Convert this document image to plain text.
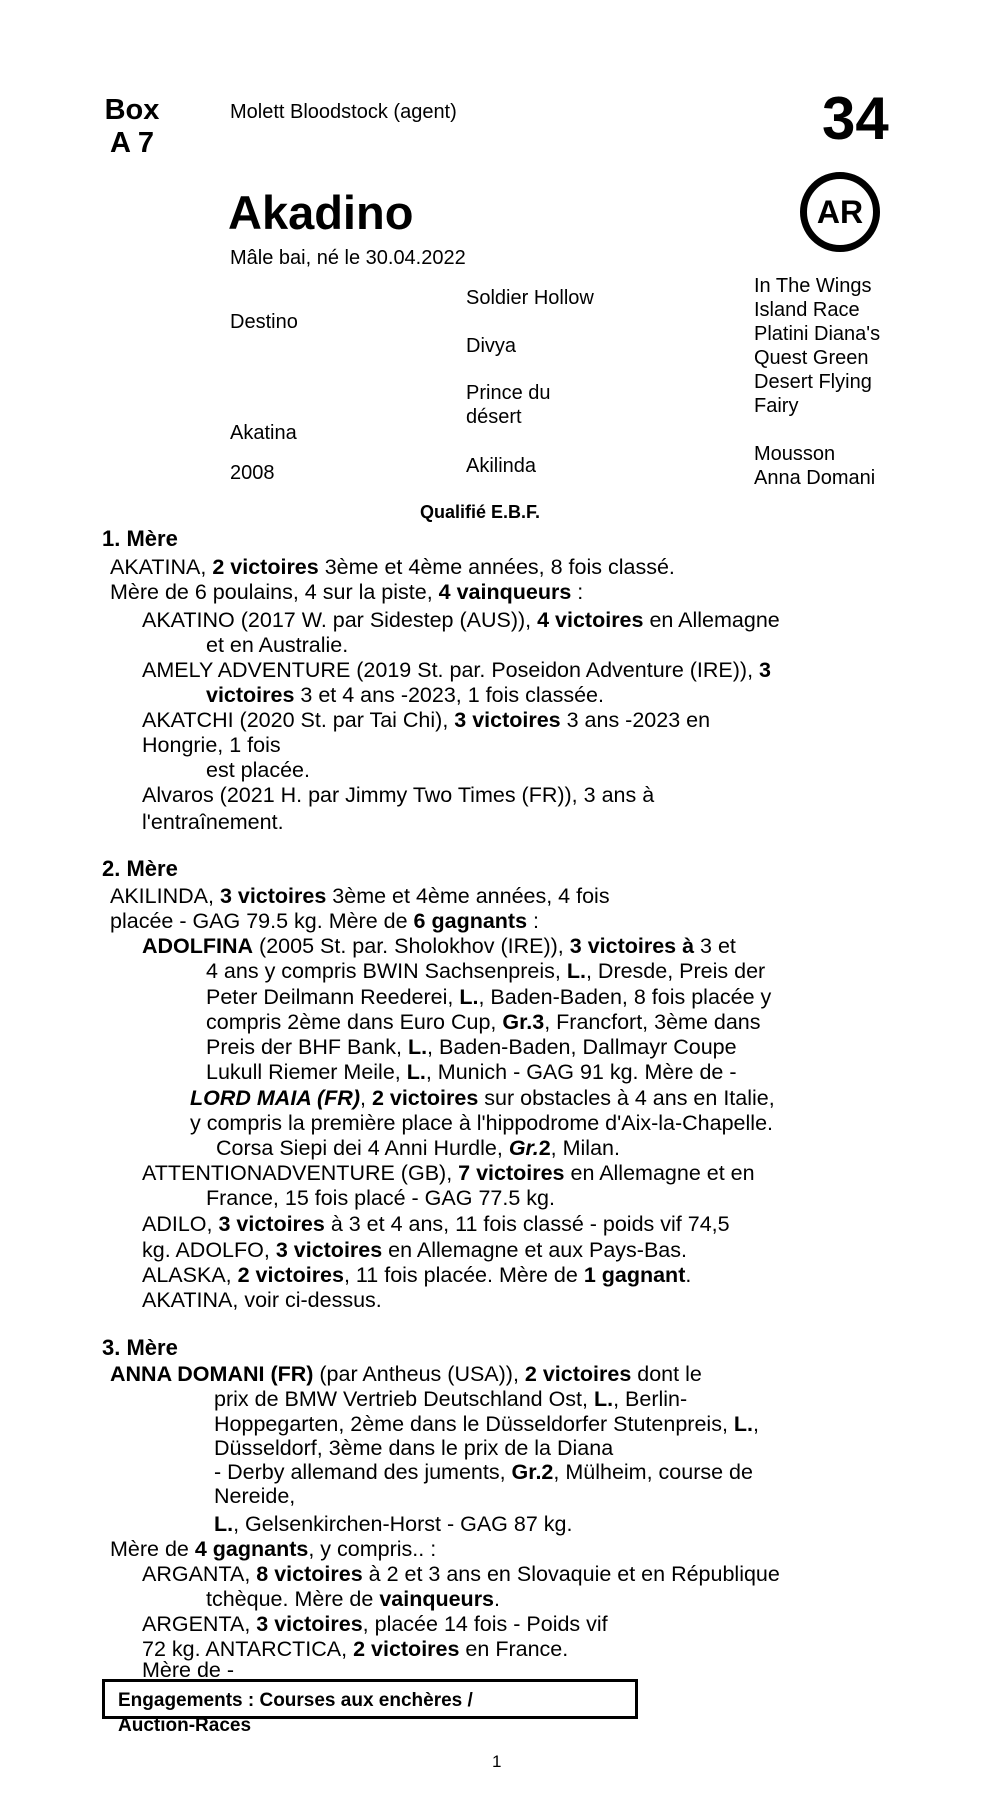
Box
A 7
Molett Bloodstock (agent)	34
AR
Akadino
Mâle bai, né le 30.04.2022
Destino
Akatina
2008
Soldier Hollow
Divya
Prince du
désert
Akilinda
In The Wings
Island Race
Platini Diana's
Quest Green
Desert Flying
Fairy
Mousson
Anna Domani
Qualifié E.B.F.
1. Mère
AKATINA, 2 victoires 3ème et 4ème années, 8 fois classé.
Mère de 6 poulains, 4 sur la piste, 4 vainqueurs :
AKATINO (2017 W. par Sidestep (AUS)), 4 victoires en Allemagne
et en Australie.
AMELY ADVENTURE (2019 St. par. Poseidon Adventure (IRE)), 3
victoires 3 et 4 ans -2023, 1 fois classée.
AKATCHI (2020 St. par Tai Chi), 3 victoires 3 ans -2023 en
Hongrie, 1 fois
est placée.
Alvaros (2021 H. par Jimmy Two Times (FR)), 3 ans à
l'entraînement.
2. Mère
AKILINDA, 3 victoires 3ème et 4ème années, 4 fois
placée - GAG 79.5 kg. Mère de 6 gagnants :
ADOLFINA (2005 St. par. Sholokhov (IRE)), 3 victoires à 3 et
4 ans y compris BWIN Sachsenpreis, L., Dresde, Preis der
Peter Deilmann Reederei, L., Baden-Baden, 8 fois placée y
compris 2ème dans Euro Cup, Gr.3, Francfort, 3ème dans
Preis der BHF Bank, L., Baden-Baden, Dallmayr Coupe
Lukull Riemer Meile, L., Munich - GAG 91 kg. Mère de -
LORD MAIA (FR), 2 victoires sur obstacles à 4 ans en Italie,
y compris la première place à l'hippodrome d'Aix-la-Chapelle.
Corsa Siepi dei 4 Anni Hurdle, Gr.2, Milan.
ATTENTIONADVENTURE (GB), 7 victoires en Allemagne et en
France, 15 fois placé - GAG 77.5 kg.
ADILO, 3 victoires à 3 et 4 ans, 11 fois classé - poids vif 74,5
kg. ADOLFO, 3 victoires en Allemagne et aux Pays-Bas.
ALASKA, 2 victoires, 11 fois placée. Mère de 1 gagnant.
AKATINA, voir ci-dessus.
3. Mère
ANNA DOMANI (FR) (par Antheus (USA)), 2 victoires dont le
prix de BMW Vertrieb Deutschland Ost, L., Berlin-
Hoppegarten, 2ème dans le Düsseldorfer Stutenpreis, L.,
Düsseldorf, 3ème dans le prix de la Diana
- Derby allemand des juments, Gr.2, Mülheim, course de
Nereide,
L., Gelsenkirchen-Horst - GAG 87 kg.
Mère de 4 gagnants, y compris.. :
ARGANTA, 8 victoires à 2 et 3 ans en Slovaquie et en République
tchèque. Mère de vainqueurs.
ARGENTA, 3 victoires, placée 14 fois - Poids vif
72 kg. ANTARCTICA, 2 victoires en France.
Mère de -
Engagements : Courses aux enchères /
Auction-Races
1
